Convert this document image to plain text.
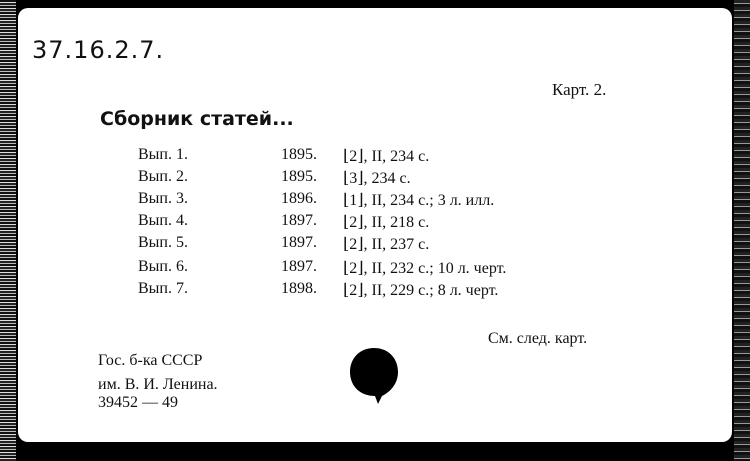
37.16.2.7.
Карт. 2.
Сборник статей...
Вып. 1.	1895. ⌊2⌋, II, 234 с.
Вып. 2.	1895. ⌊3⌋, 234 с.
Вып. 3.	1896. ⌊1⌋, II, 234 с.; 3 л. илл.
Вып. 4.	1897. ⌊2⌋, II, 218 с.
Вып. 5.	1897. ⌊2⌋, II, 237 с.
Вып. 6.	1897. ⌊2⌋, II, 232 с.; 10 л. черт.
Вып. 7.	1898. ⌊2⌋, II, 229 с.; 8 л. черт.
См. след. карт.
Гос. б-ка СССР
им. В. И. Ленина.
39452 — 49
